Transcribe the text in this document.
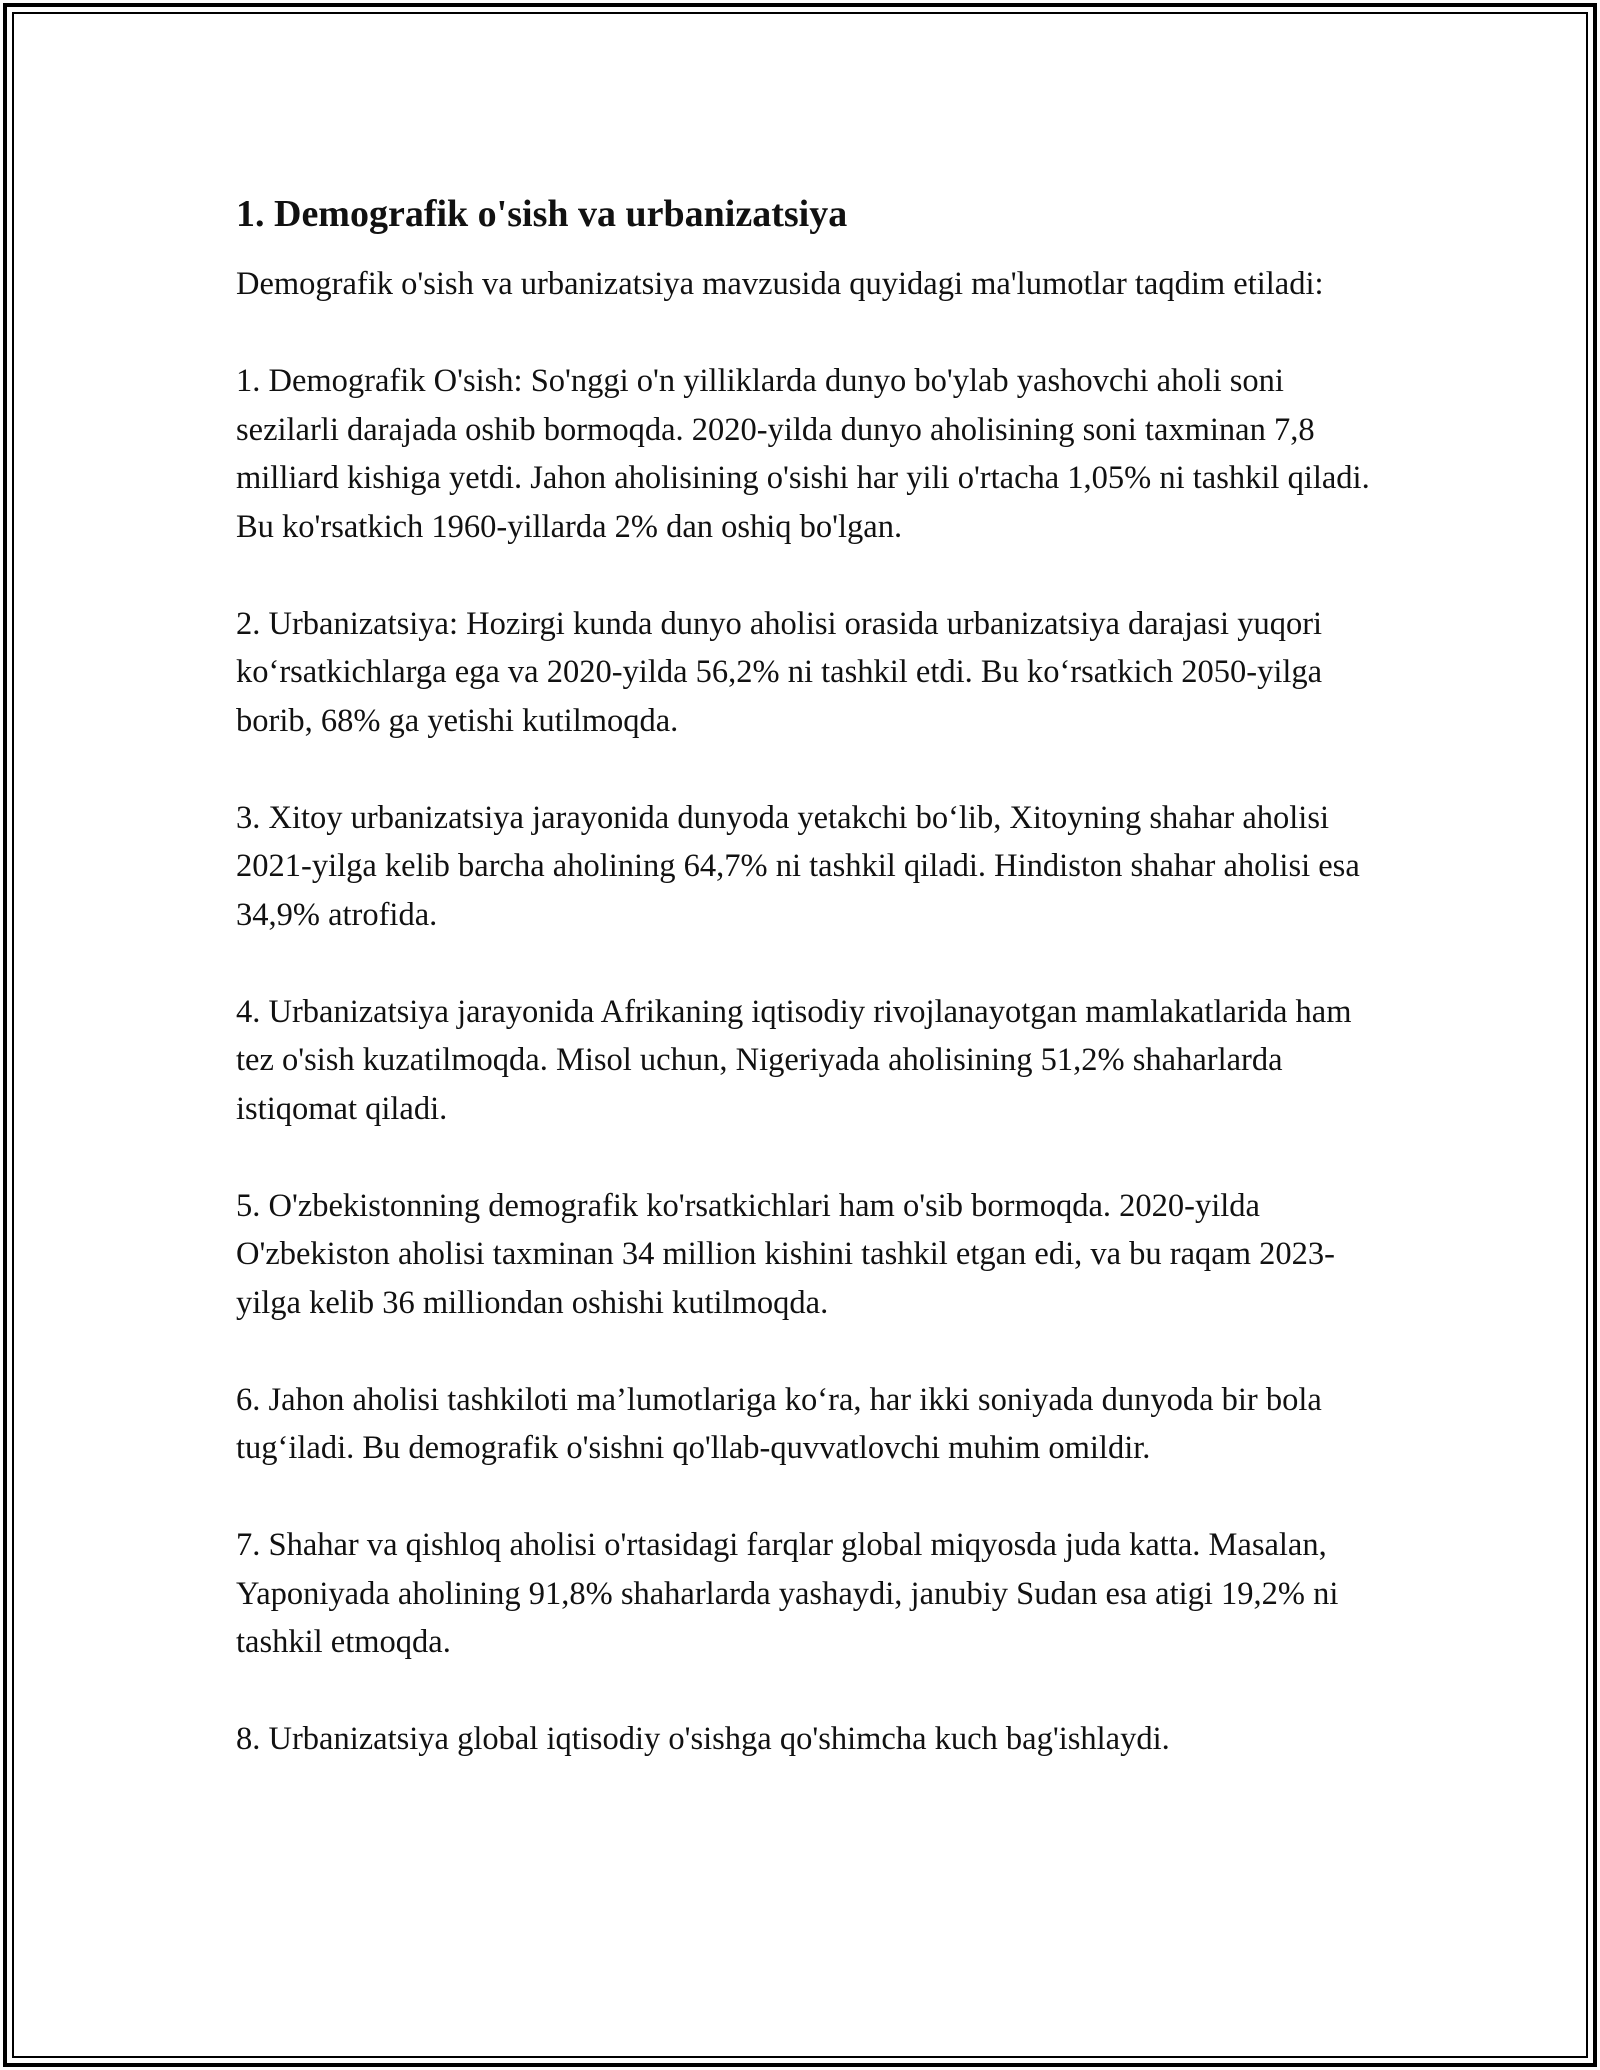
1. Demografik o'sish va urbanizatsiya

Demografik o'sish va urbanizatsiya mavzusida quyidagi ma'lumotlar taqdim etiladi:

1. Demografik O'sish: So'nggi o'n yilliklarda dunyo bo'ylab yashovchi aholi soni sezilarli darajada oshib bormoqda. 2020-yilda dunyo aholisining soni taxminan 7,8 milliard kishiga yetdi. Jahon aholisining o'sishi har yili o'rtacha 1,05% ni tashkil qiladi. Bu ko'rsatkich 1960-yillarda 2% dan oshiq bo'lgan.

2. Urbanizatsiya: Hozirgi kunda dunyo aholisi orasida urbanizatsiya darajasi yuqori ko‘rsatkichlarga ega va 2020-yilda 56,2% ni tashkil etdi. Bu ko‘rsatkich 2050-yilga borib, 68% ga yetishi kutilmoqda.

3. Xitoy urbanizatsiya jarayonida dunyoda yetakchi bo‘lib, Xitoyning shahar aholisi 2021-yilga kelib barcha aholining 64,7% ni tashkil qiladi. Hindiston shahar aholisi esa 34,9% atrofida.

4. Urbanizatsiya jarayonida Afrikaning iqtisodiy rivojlanayotgan mamlakatlarida ham tez o'sish kuzatilmoqda. Misol uchun, Nigeriyada aholisining 51,2% shaharlarda istiqomat qiladi.

5. O'zbekistonning demografik ko'rsatkichlari ham o'sib bormoqda. 2020-yilda O'zbekiston aholisi taxminan 34 million kishini tashkil etgan edi, va bu raqam 2023-yilga kelib 36 milliondan oshishi kutilmoqda.

6. Jahon aholisi tashkiloti ma’lumotlariga ko‘ra, har ikki soniyada dunyoda bir bola tug‘iladi. Bu demografik o'sishni qo'llab-quvvatlovchi muhim omildir.

7. Shahar va qishloq aholisi o'rtasidagi farqlar global miqyosda juda katta. Masalan, Yaponiyada aholining 91,8% shaharlarda yashaydi, janubiy Sudan esa atigi 19,2% ni tashkil etmoqda.

8. Urbanizatsiya global iqtisodiy o'sishga qo'shimcha kuch bag'ishlaydi.
